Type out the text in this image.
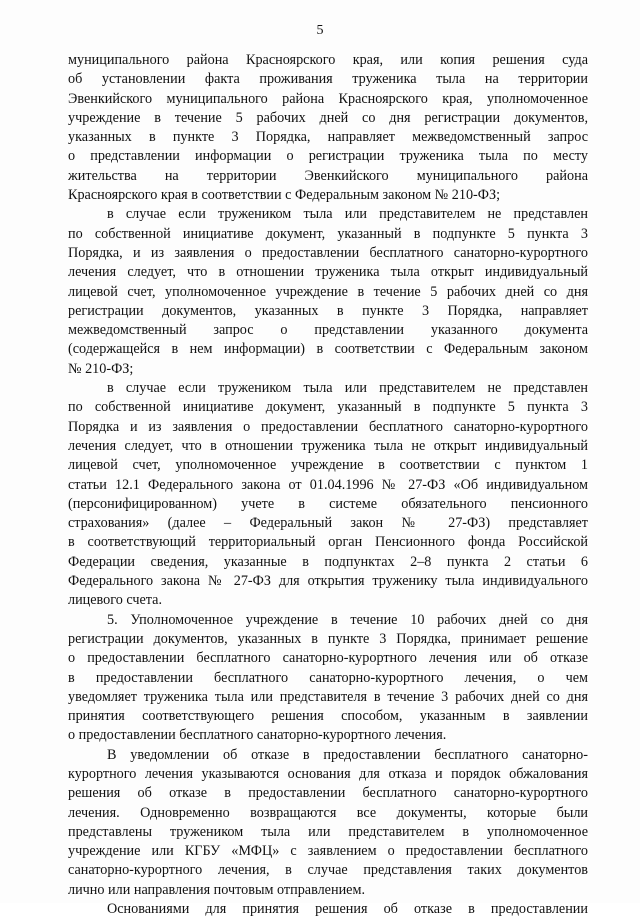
5
муниципального района Красноярского края, или копия решения суда
об установлении факта проживания труженика тыла на территории
Эвенкийского муниципального района Красноярского края, уполномоченное
учреждение в течение 5 рабочих дней со дня регистрации документов,
указанных в пункте 3 Порядка, направляет межведомственный запрос
о представлении информации о регистрации труженика тыла по месту
жительства на территории Эвенкийского муниципального района
Красноярского края в соответствии с Федеральным законом № 210-ФЗ;
в случае если тружеником тыла или представителем не представлен
по собственной инициативе документ, указанный в подпункте 5 пункта 3
Порядка, и из заявления о предоставлении бесплатного санаторно-курортного
лечения следует, что в отношении труженика тыла открыт индивидуальный
лицевой счет, уполномоченное учреждение в течение 5 рабочих дней со дня
регистрации документов, указанных в пункте 3 Порядка, направляет
межведомственный запрос о представлении указанного документа
(содержащейся в нем информации) в соответствии с Федеральным законом
№ 210-ФЗ;
в случае если тружеником тыла или представителем не представлен
по собственной инициативе документ, указанный в подпункте 5 пункта 3
Порядка и из заявления о предоставлении бесплатного санаторно-курортного
лечения следует, что в отношении труженика тыла не открыт индивидуальный
лицевой счет, уполномоченное учреждение в соответствии с пунктом 1
статьи 12.1 Федерального закона от 01.04.1996 № 27-ФЗ «Об индивидуальном
(персонифицированном) учете в системе обязательного пенсионного
страхования» (далее – Федеральный закон № 27-ФЗ) представляет
в соответствующий территориальный орган Пенсионного фонда Российской
Федерации сведения, указанные в подпунктах 2–8 пункта 2 статьи 6
Федерального закона № 27-ФЗ для открытия труженику тыла индивидуального
лицевого счета.
5. Уполномоченное учреждение в течение 10 рабочих дней со дня
регистрации документов, указанных в пункте 3 Порядка, принимает решение
о предоставлении бесплатного санаторно-курортного лечения или об отказе
в предоставлении бесплатного санаторно-курортного лечения, о чем
уведомляет труженика тыла или представителя в течение 3 рабочих дней со дня
принятия соответствующего решения способом, указанным в заявлении
о предоставлении бесплатного санаторно-курортного лечения.
В уведомлении об отказе в предоставлении бесплатного санаторно-
курортного лечения указываются основания для отказа и порядок обжалования
решения об отказе в предоставлении бесплатного санаторно-курортного
лечения. Одновременно возвращаются все документы, которые были
представлены тружеником тыла или представителем в уполномоченное
учреждение или КГБУ «МФЦ» с заявлением о предоставлении бесплатного
санаторно-курортного лечения, в случае представления таких документов
лично или направления почтовым отправлением.
Основаниями для принятия решения об отказе в предоставлении
